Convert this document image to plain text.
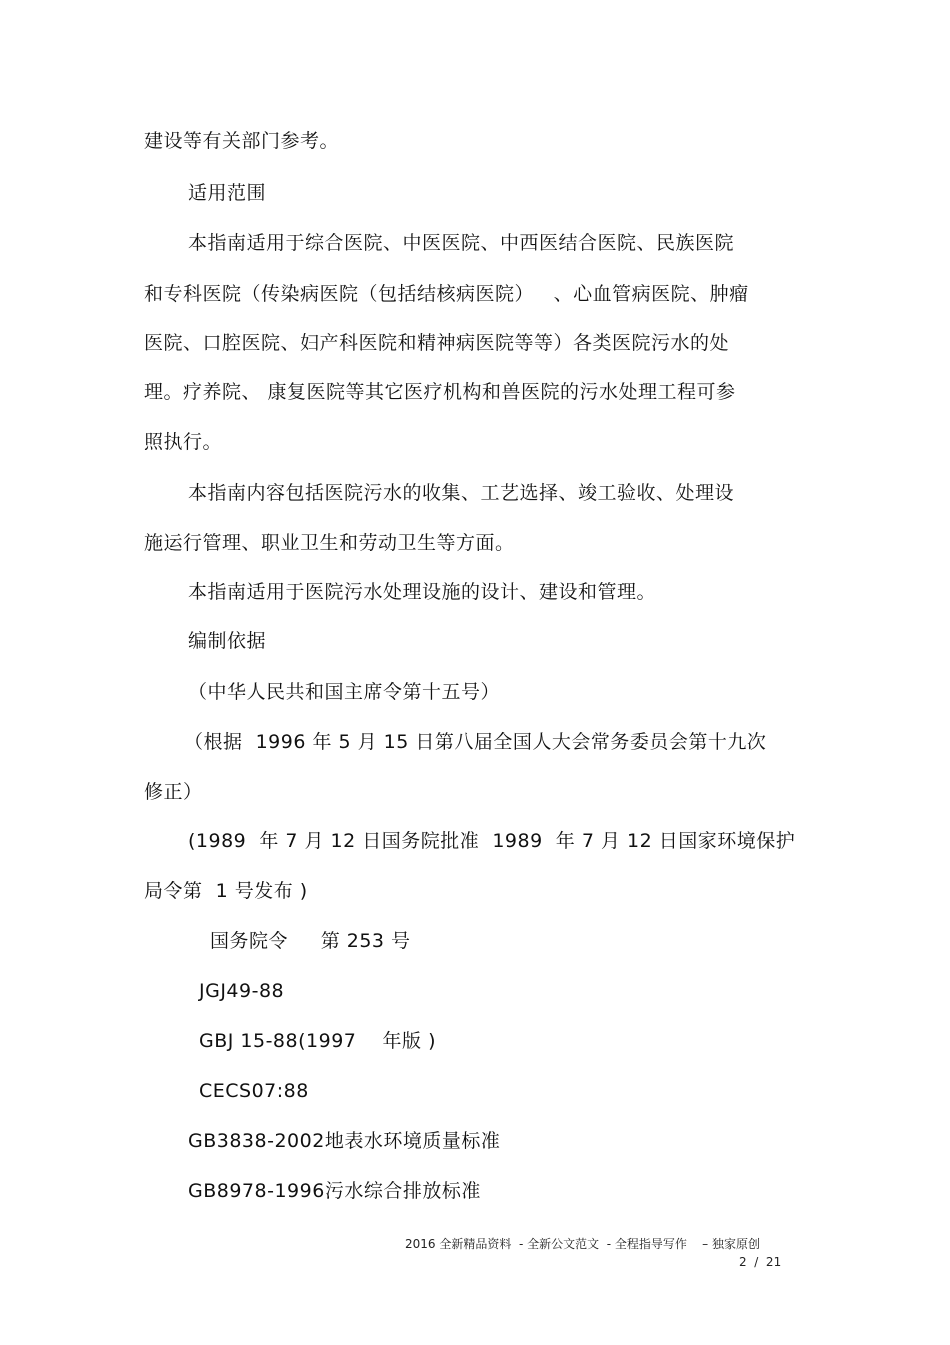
建设等有关部门参考。
适用范围
本指南适用于综合医院、中医医院、中西医结合医院、民族医院
和专科医院（传染病医院（包括结核病医院）   、心血管病医院、肿瘤
医院、口腔医院、妇产科医院和精神病医院等等）各类医院污水的处
理。疗养院、 康复医院等其它医疗机构和兽医院的污水处理工程可参
照执行。
本指南内容包括医院污水的收集、工艺选择、竣工验收、处理设
施运行管理、职业卫生和劳动卫生等方面。
本指南适用于医院污水处理设施的设计、建设和管理。
编制依据
（中华人民共和国主席令第十五号）
（根据  1996 年 5 月 15 日第八届全国人大会常务委员会第十九次
修正）
(1989  年 7 月 12 日国务院批准  1989  年 7 月 12 日国家环境保护
局令第  1 号发布 )
国务院令     第 253 号
JGJ49-88
GBJ 15-88(1997    年版 )
CECS07:88
GB3838-2002地表水环境质量标准
GB8978-1996污水综合排放标准
2016 全新精品资料  - 全新公文范文  - 全程指导写作    – 独家原创
2  /  21
